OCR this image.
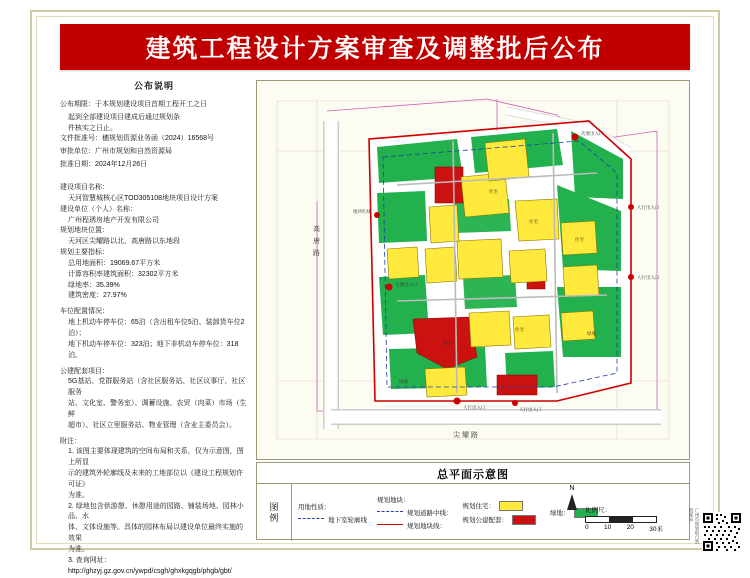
建筑工程设计方案审查及调整批后公布
公布说明

公布期限：于本规划建设项目首期工程开工之日

起到全部建设项目建成后通过规划条

件核实之日止。

文件批准号：穗规划资源业务函（2024）16568号

审批单位：广州市规划和自然资源局

批准日期：2024年12月26日

建设项目名称：

天河智慧城核心区TOD305108地块项目设计方案

建设单位（个人）名称：

广州程琇房地产开发有限公司

规划地块位置：

天河区尖耀路以北、高唐路以东地段

规划主要指标：

总用地面积：19069.67平方米

计算容积率建筑面积：32302平方米

绿地率：35.39%

建筑密度：27.97%

车位配置情况：

地上机动车停车位：65泊（含出租车位5泊、装卸货车位2泊）；

地下机动车停车位：323泊；地下非机动车停车位：318泊。

公建配套项目：

5G基站、党群服务站（含社区服务站、社区议事厅、社区服务

站、文化室、警务室）、调蓄设施、农贸（肉菜）市场（生鲜

超市）、社区立里服务站、物业管理（含业主委员会）。

附注：

1. 该图主要体现建筑的空间布局和关系，仅为示意图，图上所显

示的建筑外轮廓线及未来的工地部位以《建设工程规划许可证》

为准。

2. 绿地包含供游憩、休憩用途的园路、铺装场地、园林小品、水

体、文体设施等。具体的园林布局以建设单位最终实施的效果

为准。

3. 查询网址：

http://ghzyj.gz.gov.cn/ywpd/csgh/ghxkgqgb/phgb/gbt/

主要出入口
人行出入口
次要出入口
人行出入口
人行出入口
人行出入口
地块红线
住宅
住宅
商业
住宅
住宅
绿地
绿地
高
唐
路
尖 耀 路
总平面示意图
图
例
用地性质：
地下室轮廓线
规划地块：
规划道路中线：
规划地块线：
规划住宅：
规划公建配套：
绿地：
N
比例尺：
0 10 20 30米	广州市规划和自然资源局
